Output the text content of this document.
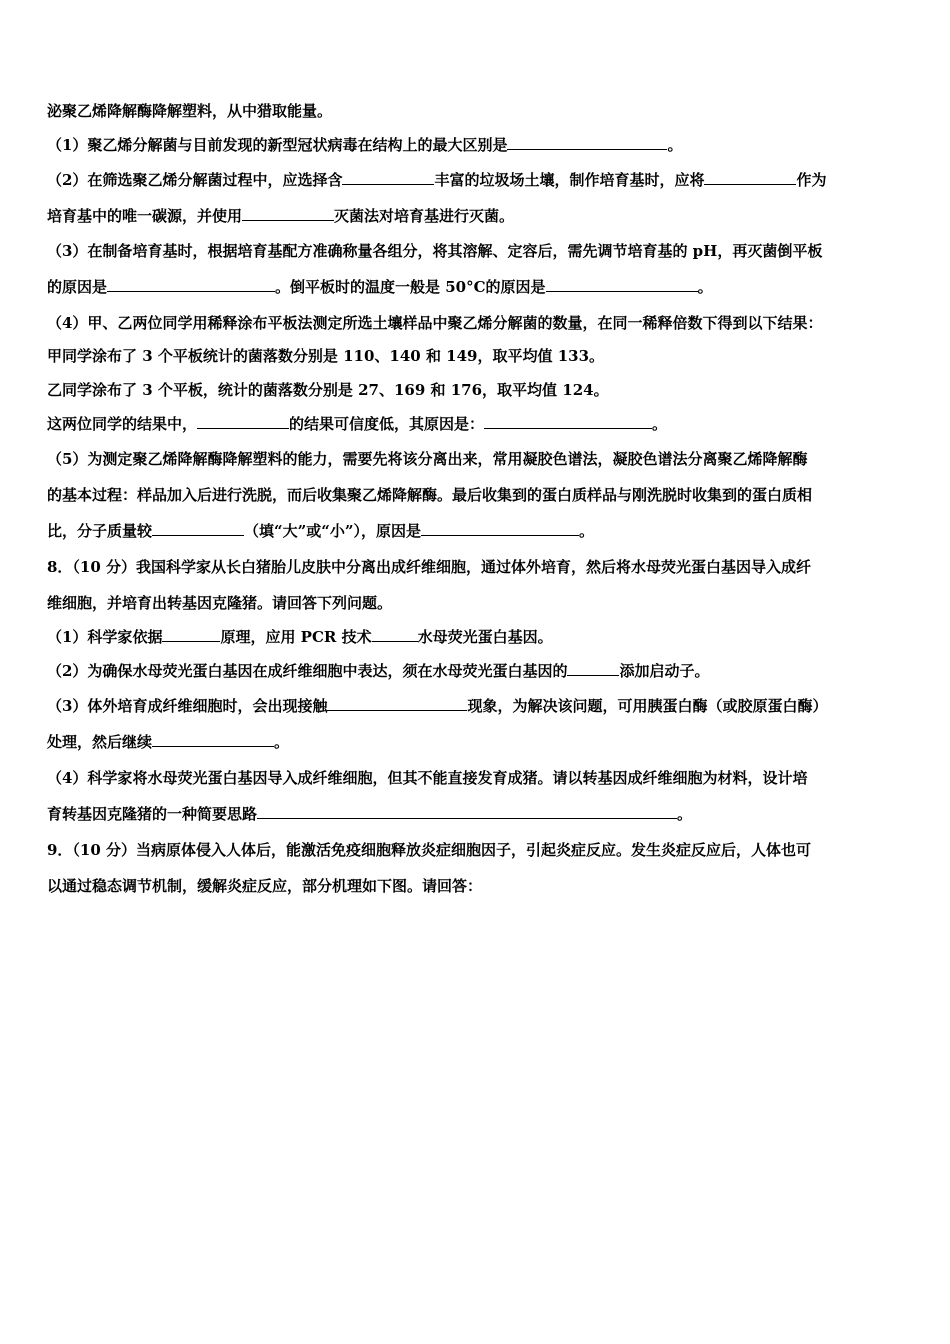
泌聚乙烯降解酶降解塑料，从中猎取能量。
（1）聚乙烯分解菌与目前发现的新型冠状病毒在结构上的最大区别是	。
（2）在筛选聚乙烯分解菌过程中，应选择含	丰富的垃圾场土壤，制作培育基时，应将	作为
培育基中的唯一碳源，并使用	灭菌法对培育基进行灭菌。
（3）在制备培育基时，根据培育基配方准确称量各组分，将其溶解、定容后，需先调节培育基的 pH，再灭菌倒平板
的原因是	。倒平板时的温度一般是 50°C的原因是	。
（4）甲、乙两位同学用稀释涂布平板法测定所选土壤样品中聚乙烯分解菌的数量，在同一稀释倍数下得到以下结果：
甲同学涂布了 3 个平板统计的菌落数分别是 110、140 和 149，取平均值 133。
乙同学涂布了 3 个平板，统计的菌落数分别是 27、169 和 176，取平均值 124。
这两位同学的结果中，	的结果可信度低，其原因是：	。
（5）为测定聚乙烯降解酶降解塑料的能力，需要先将该分离出来，常用凝胶色谱法，凝胶色谱法分离聚乙烯降解酶
的基本过程：样品加入后进行洗脱，而后收集聚乙烯降解酶。最后收集到的蛋白质样品与刚洗脱时收集到的蛋白质相
比，分子质量较	（填“大”或“小”），原因是	。
8．（10 分）我国科学家从长白猪胎儿皮肤中分离出成纤维细胞，通过体外培育，然后将水母荧光蛋白基因导入成纤
维细胞，并培育出转基因克隆猪。请回答下列问题。
（1）科学家依据	原理，应用 PCR 技术	水母荧光蛋白基因。
（2）为确保水母荧光蛋白基因在成纤维细胞中表达，须在水母荧光蛋白基因的	添加启动子。
（3）体外培育成纤维细胞时，会出现接触	现象，为解决该问题，可用胰蛋白酶（或胶原蛋白酶）
处理，然后继续	。
（4）科学家将水母荧光蛋白基因导入成纤维细胞，但其不能直接发育成猪。请以转基因成纤维细胞为材料，设计培
育转基因克隆猪的一种简要思路	。
9．（10 分）当病原体侵入人体后，能激活免疫细胞释放炎症细胞因子，引起炎症反应。发生炎症反应后，人体也可
以通过稳态调节机制，缓解炎症反应，部分机理如下图。请回答：
